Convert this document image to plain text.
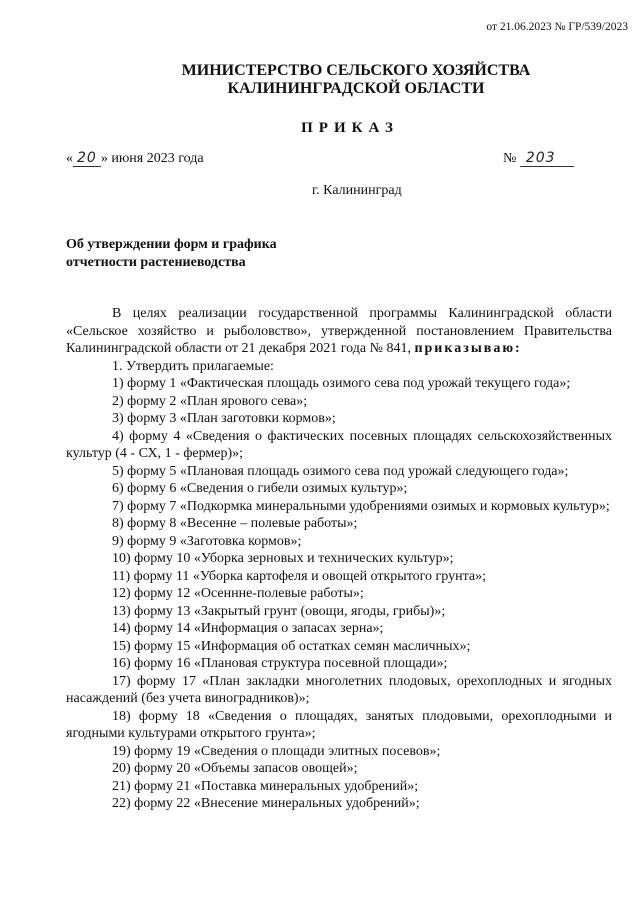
от 21.06.2023 № ГР/539/2023
МИНИСТЕРСТВО СЕЛЬСКОГО ХОЗЯЙСТВА
КАЛИНИНГРАДСКОЙ ОБЛАСТИ
ПРИКАЗ
« 20 » июня 2023 года	№ 203
г. Калининград
Об утверждении форм и графика
отчетности растениеводства

В целях реализации государственной программы Калининградской области «Сельское хозяйство и рыболовство», утвержденной постановлением Правительства Калининградской области от 21 декабря 2021 года № 841, приказываю:

1. Утвердить прилагаемые:

1) форму 1 «Фактическая площадь озимого сева под урожай текущего года»;

2) форму 2 «План ярового сева»;

3) форму 3 «План заготовки кормов»;

4) форму 4 «Сведения о фактических посевных площадях сельскохозяйственных культур (4 - СХ, 1 - фермер)»;

5) форму 5 «Плановая площадь озимого сева под урожай следующего года»;

6) форму 6 «Сведения о гибели озимых культур»;

7) форму 7 «Подкормка минеральными удобрениями озимых и кормовых культур»;

8) форму 8 «Весенне – полевые работы»;

9) форму 9 «Заготовка кормов»;

10) форму 10 «Уборка зерновых и технических культур»;

11) форму 11 «Уборка картофеля и овощей открытого грунта»;

12) форму 12 «Осеннне-полевые работы»;

13) форму 13 «Закрытый грунт (овощи, ягоды, грибы)»;

14) форму 14 «Информация о запасах зерна»;

15) форму 15 «Информация об остатках семян масличных»;

16) форму 16 «Плановая структура посевной площади»;

17) форму 17 «План закладки многолетних плодовых, орехоплодных и ягодных насаждений (без учета виноградников)»;

18) форму 18 «Сведения о площадях, занятых плодовыми, орехоплодными и ягодными культурами открытого грунта»;

19) форму 19 «Сведения о площади элитных посевов»;

20) форму 20 «Объемы запасов овощей»;

21) форму 21 «Поставка минеральных удобрений»;

22) форму 22 «Внесение минеральных удобрений»;
